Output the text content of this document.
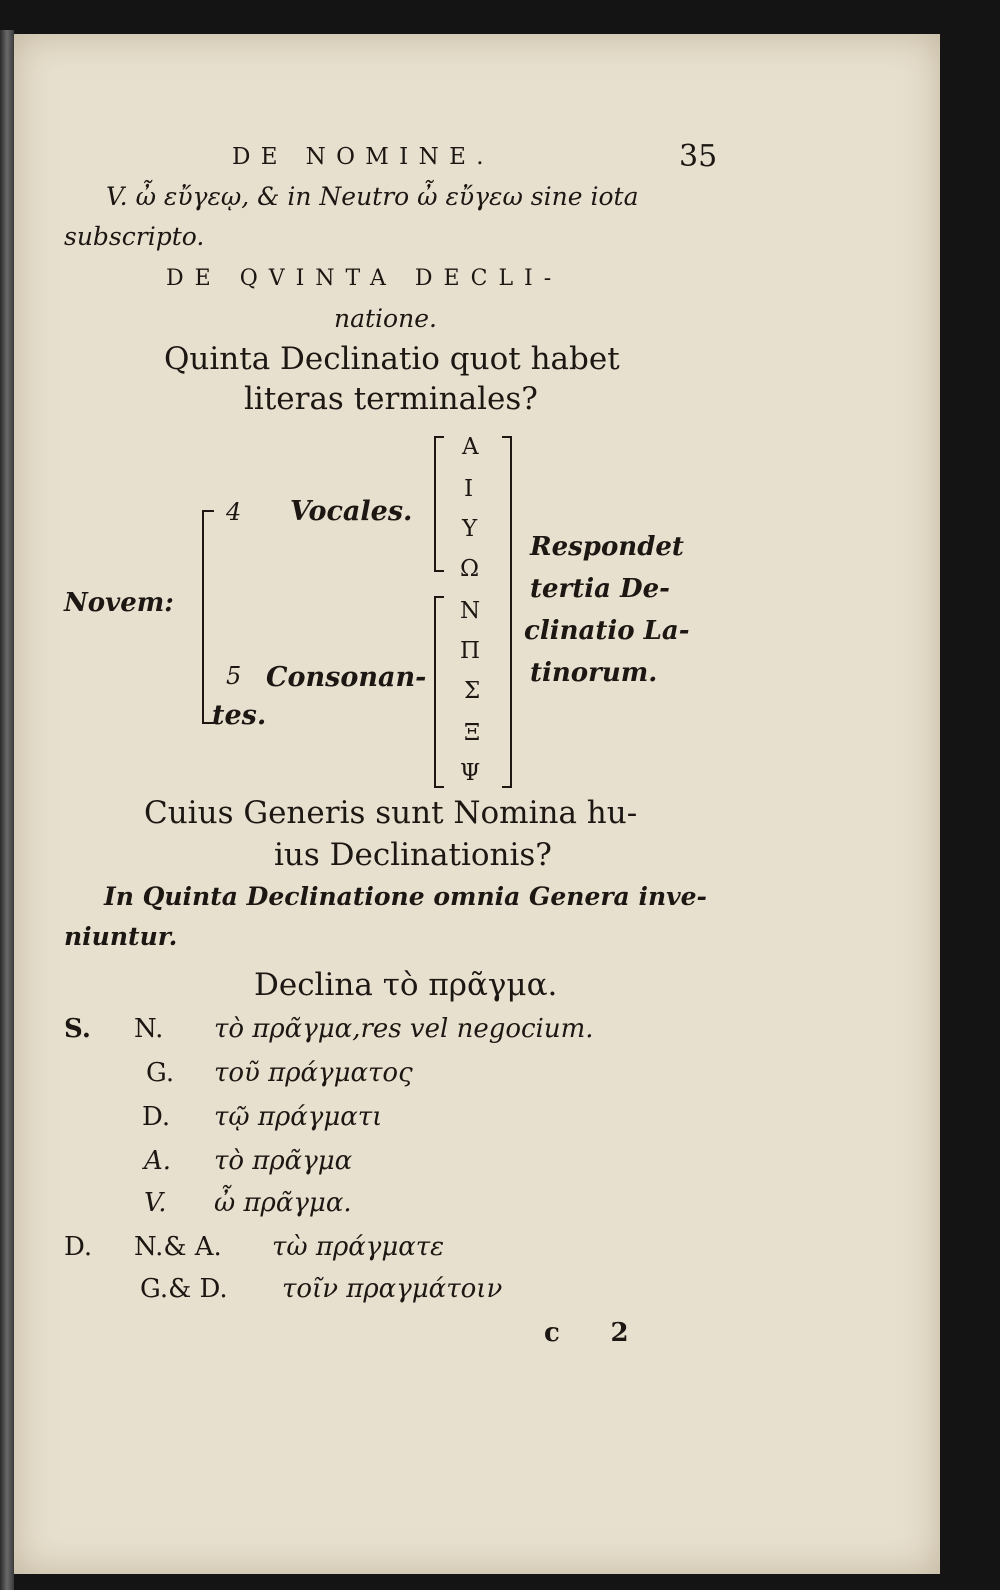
DE NOMINE.	35
V. ὦ εὔγεῳ, & in Neutro ὦ εὔγεω sine iota
subscripto.
DE QVINTA DECLI-
natione.
Quinta Declinatio quot habet
literas terminales?
Novem:
4 Vocales.
5 Consonan-
tes.
Α
Ι
Υ
Ω
Ν
Π
Σ
Ξ
Ψ
Respondet
tertia De-
clinatio La-
tinorum.
Cuius Generis sunt Nomina hu-
ius Declinationis?
In Quinta Declinatione omnia Genera inve-
niuntur.
Declina τὸ πρᾶγμα.
S. N. τὸ πρᾶγμα,res vel negocium.
G. τοῦ πράγματος
D. τῷ πράγματι
A. τὸ πρᾶγμα
V. ὦ πρᾶγμα.
D. N.& A. τὼ πράγματε
G.& D. τοῖν πραγμάτοιν
c 2
